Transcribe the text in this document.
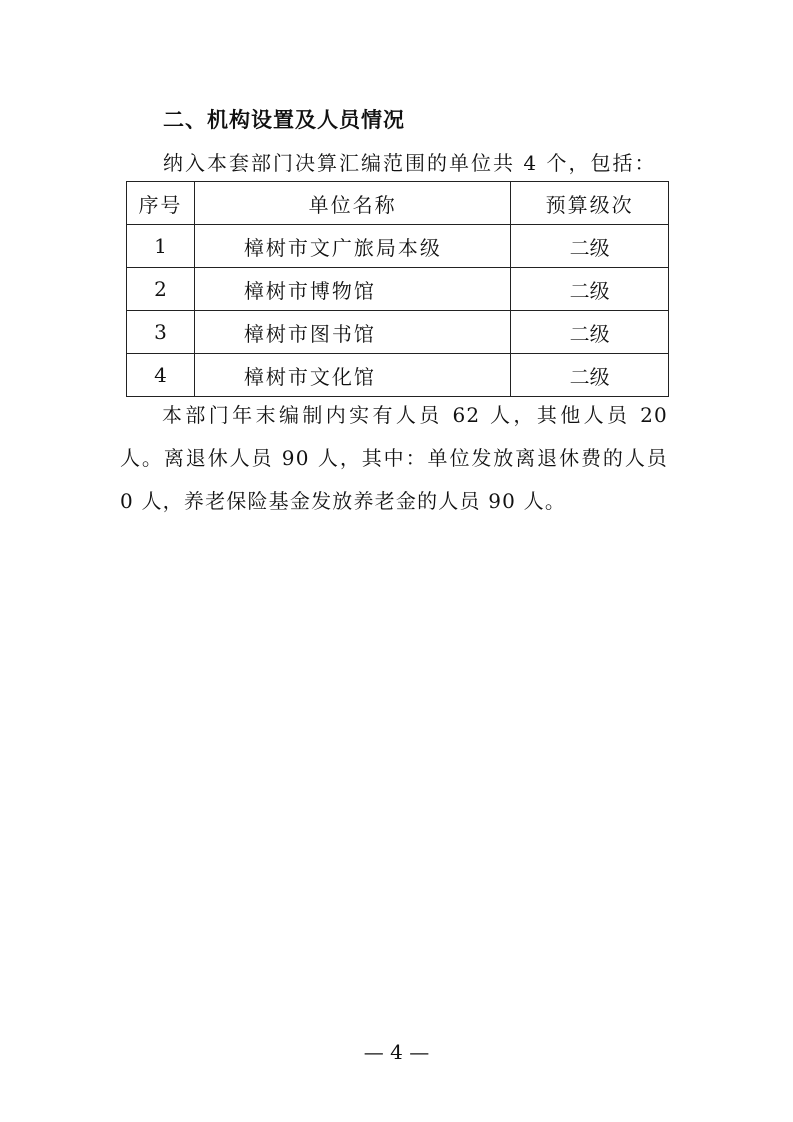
二、机构设置及人员情况
纳入本套部门决算汇编范围的单位共 4 个，包括：
序号	单位名称	预算级次
1	樟树市文广旅局本级	二级
2	樟树市博物馆	二级
3	樟树市图书馆	二级
4	樟树市文化馆	二级

本部门年末编制内实有人员 62 人，其他人员 20 人。离退休人员 90 人，其中：单位发放离退休费的人员 0 人，养老保险基金发放养老金的人员 90 人。

— 4 —
